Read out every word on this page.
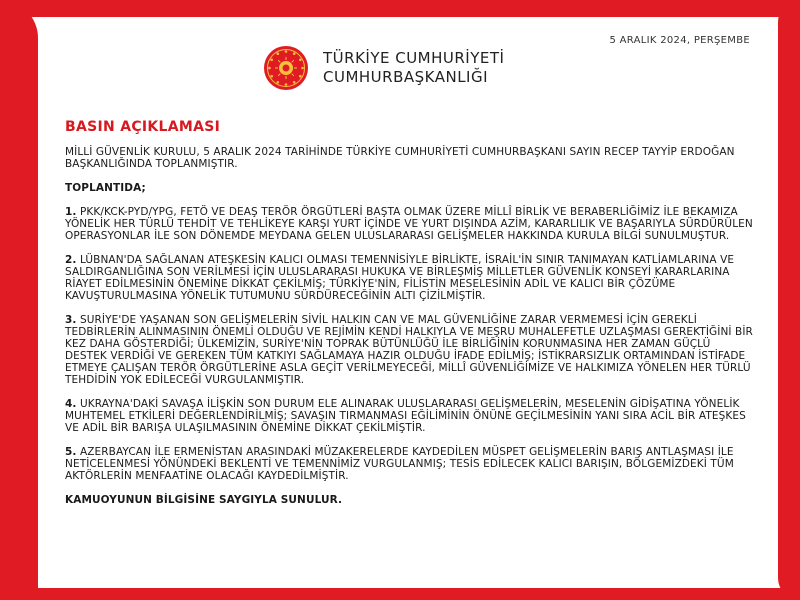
5 ARALIK 2024, PERŞEMBE
TÜRKİYE CUMHURİYETİ
CUMHURBAŞKANLIĞI
BASIN AÇIKLAMASI

MİLLİ GÜVENLİK KURULU, 5 ARALIK 2024 TARİHİNDE TÜRKİYE CUMHURİYETİ CUMHURBAŞKANI SAYIN RECEP TAYYİP ERDOĞAN BAŞKANLIĞINDA TOPLANMIŞTIR.

TOPLANTIDA;

1. PKK/KCK-PYD/YPG, FETÖ VE DEAŞ TERÖR ÖRGÜTLERİ BAŞTA OLMAK ÜZERE MİLLÎ BİRLİK VE BERABERLİĞİMİZ İLE BEKAMIZA YÖNELİK HER TÜRLÜ TEHDİT VE TEHLİKEYE KARŞI YURT İÇİNDE VE YURT DIŞINDA AZİM, KARARLILIK VE BAŞARIYLA SÜRDÜRÜLEN OPERASYONLAR İLE SON DÖNEMDE MEYDANA GELEN ULUSLARARASI GELİŞMELER HAKKINDA KURULA BİLGİ SUNULMUŞTUR.

2. LÜBNAN'DA SAĞLANAN ATEŞKESİN KALICI OLMASI TEMENNİSİYLE BİRLİKTE, İSRAİL'İN SINIR TANIMAYAN KATLİAMLARINA VE SALDIRGANLIĞINA SON VERİLMESİ İÇİN ULUSLARARASI HUKUKA VE BİRLEŞMİŞ MİLLETLER GÜVENLİK KONSEYİ KARARLARINA RİAYET EDİLMESİNİN ÖNEMİNE DİKKAT ÇEKİLMİŞ; TÜRKİYE'NİN, FİLİSTİN MESELESİNİN ADİL VE KALICI BİR ÇÖZÜME KAVUŞTURULMASINA YÖNELİK TUTUMUNU SÜRDÜRECEĞİNİN ALTI ÇİZİLMİŞTİR.

3. SURİYE'DE YAŞANAN SON GELİŞMELERİN SİVİL HALKIN CAN VE MAL GÜVENLİĞİNE ZARAR VERMEMESİ İÇİN GEREKLİ TEDBİRLERİN ALINMASININ ÖNEMLİ OLDUĞU VE REJİMİN KENDİ HALKIYLA VE MEŞRU MUHALEFETLE UZLAŞMASI GEREKTİĞİNİ BİR KEZ DAHA GÖSTERDİĞİ; ÜLKEMİZİN, SURİYE'NİN TOPRAK BÜTÜNLÜĞÜ İLE BİRLİĞİNİN KORUNMASINA HER ZAMAN GÜÇLÜ DESTEK VERDİĞİ VE GEREKEN TÜM KATKIYI SAĞLAMAYA HAZIR OLDUĞU İFADE EDİLMİŞ; İSTİKRARSIZLIK ORTAMINDAN İSTİFADE ETMEYE ÇALIŞAN TERÖR ÖRGÜTLERİNE ASLA GEÇİT VERİLMEYECEĞİ, MİLLÎ GÜVENLİĞİMİZE VE HALKIMIZA YÖNELEN HER TÜRLÜ TEHDİDİN YOK EDİLECEĞİ VURGULANMIŞTIR.

4. UKRAYNA'DAKİ SAVAŞA İLİŞKİN SON DURUM ELE ALINARAK ULUSLARARASI GELİŞMELERİN, MESELENİN GİDİŞATINA YÖNELİK MUHTEMEL ETKİLERİ DEĞERLENDİRİLMİŞ; SAVAŞIN TIRMANMASI EĞİLİMİNİN ÖNÜNE GEÇİLMESİNİN YANI SIRA ACİL BİR ATEŞKES VE ADİL BİR BARIŞA ULAŞILMASININ ÖNEMİNE DİKKAT ÇEKİLMİŞTİR.

5. AZERBAYCAN İLE ERMENİSTAN ARASINDAKİ MÜZAKERELERDE KAYDEDİLEN MÜSPET GELİŞMELERİN BARIŞ ANTLAŞMASI İLE NETİCELENMESİ YÖNÜNDEKİ BEKLENTİ VE TEMENNİMİZ VURGULANMIŞ; TESİS EDİLECEK KALICI BARIŞIN, BÖLGEMİZDEKİ TÜM AKTÖRLERİN MENFAATİNE OLACAĞI KAYDEDİLMİŞTİR.

KAMUOYUNUN BİLGİSİNE SAYGIYLA SUNULUR.
